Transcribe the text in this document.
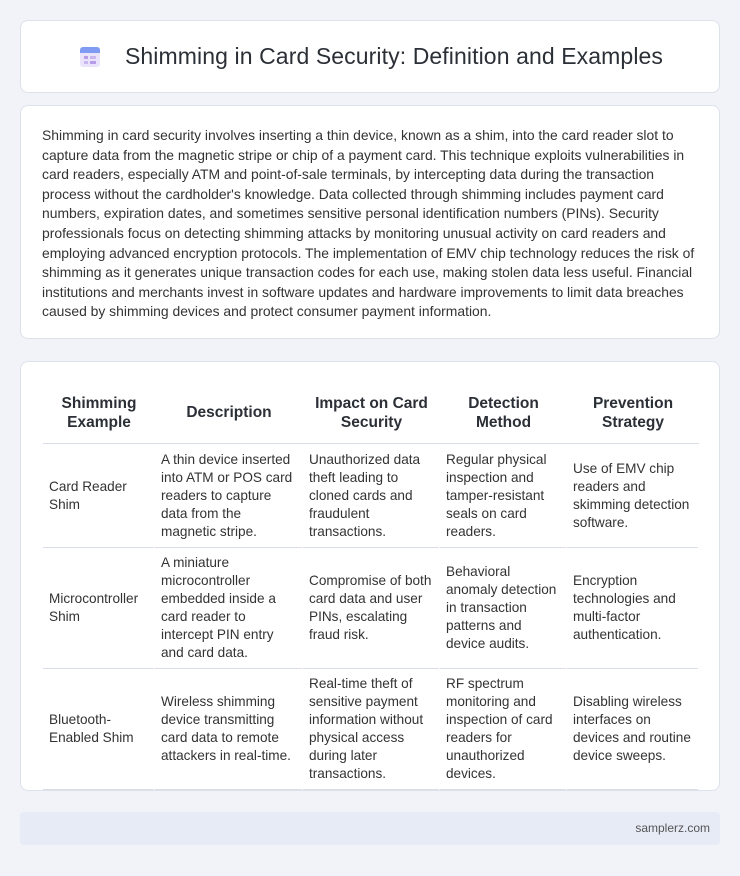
Shimming in Card Security: Definition and Examples

Shimming in card security involves inserting a thin device, known as a shim, into the card reader slot to capture data from the magnetic stripe or chip of a payment card. This technique exploits vulnerabilities in card readers, especially ATM and point-of-sale terminals, by intercepting data during the transaction process without the cardholder's knowledge. Data collected through shimming includes payment card numbers, expiration dates, and sometimes sensitive personal identification numbers (PINs). Security professionals focus on detecting shimming attacks by monitoring unusual activity on card readers and employing advanced encryption protocols. The implementation of EMV chip technology reduces the risk of shimming as it generates unique transaction codes for each use, making stolen data less useful. Financial institutions and merchants invest in software updates and hardware improvements to limit data breaches caused by shimming devices and protect consumer payment information.

Shimming Example	Description	Impact on Card Security	Detection Method	Prevention Strategy
Card Reader Shim	A thin device inserted into ATM or POS card readers to capture data from the magnetic stripe.	Unauthorized data theft leading to cloned cards and fraudulent transactions.	Regular physical inspection and tamper-resistant seals on card readers.	Use of EMV chip readers and skimming detection software.
Microcontroller Shim	A miniature microcontroller embedded inside a card reader to intercept PIN entry and card data.	Compromise of both card data and user PINs, escalating fraud risk.	Behavioral anomaly detection in transaction patterns and device audits.	Encryption technologies and multi-factor authentication.
Bluetooth-Enabled Shim	Wireless shimming device transmitting card data to remote attackers in real-time.	Real-time theft of sensitive payment information without physical access during later transactions.	RF spectrum monitoring and inspection of card readers for unauthorized devices.	Disabling wireless interfaces on devices and routine device sweeps.
samplerz.com
